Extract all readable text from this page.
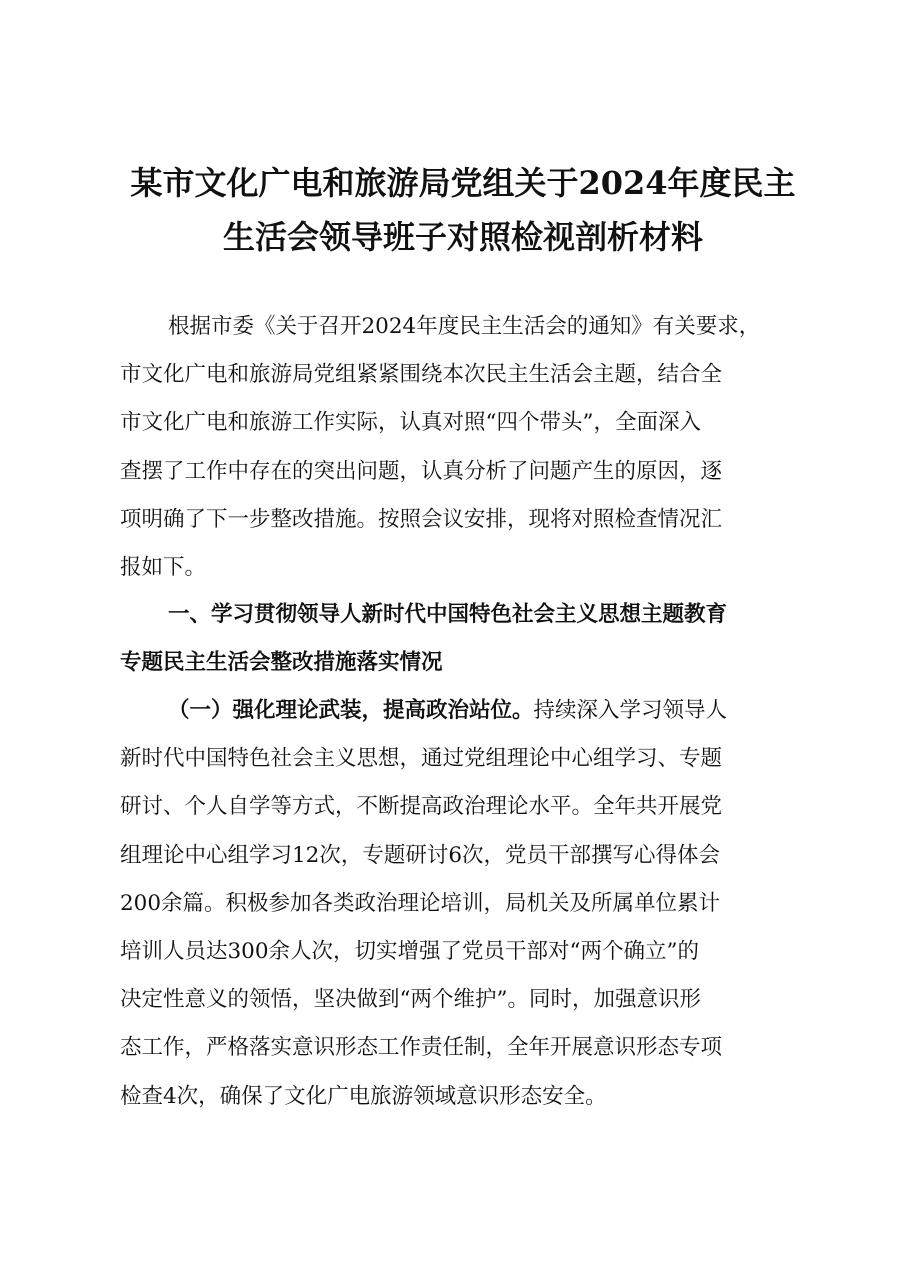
某市文化广电和旅游局党组关于2024年度民主
生活会领导班子对照检视剖析材料

根据市委《关于召开2024年度民主生活会的通知》有关要求，
市文化广电和旅游局党组紧紧围绕本次民主生活会主题，结合全
市文化广电和旅游工作实际，认真对照“四个带头”，全面深入
查摆了工作中存在的突出问题，认真分析了问题产生的原因，逐
项明确了下一步整改措施。按照会议安排，现将对照检查情况汇
报如下。

一、学习贯彻领导人新时代中国特色社会主义思想主题教育
专题民主生活会整改措施落实情况

（一）强化理论武装，提高政治站位。持续深入学习领导人
新时代中国特色社会主义思想，通过党组理论中心组学习、专题
研讨、个人自学等方式，不断提高政治理论水平。全年共开展党
组理论中心组学习12次，专题研讨6次，党员干部撰写心得体会
200余篇。积极参加各类政治理论培训，局机关及所属单位累计
培训人员达300余人次，切实增强了党员干部对“两个确立”的
决定性意义的领悟，坚决做到“两个维护”。同时，加强意识形
态工作，严格落实意识形态工作责任制，全年开展意识形态专项
检查4次，确保了文化广电旅游领域意识形态安全。
